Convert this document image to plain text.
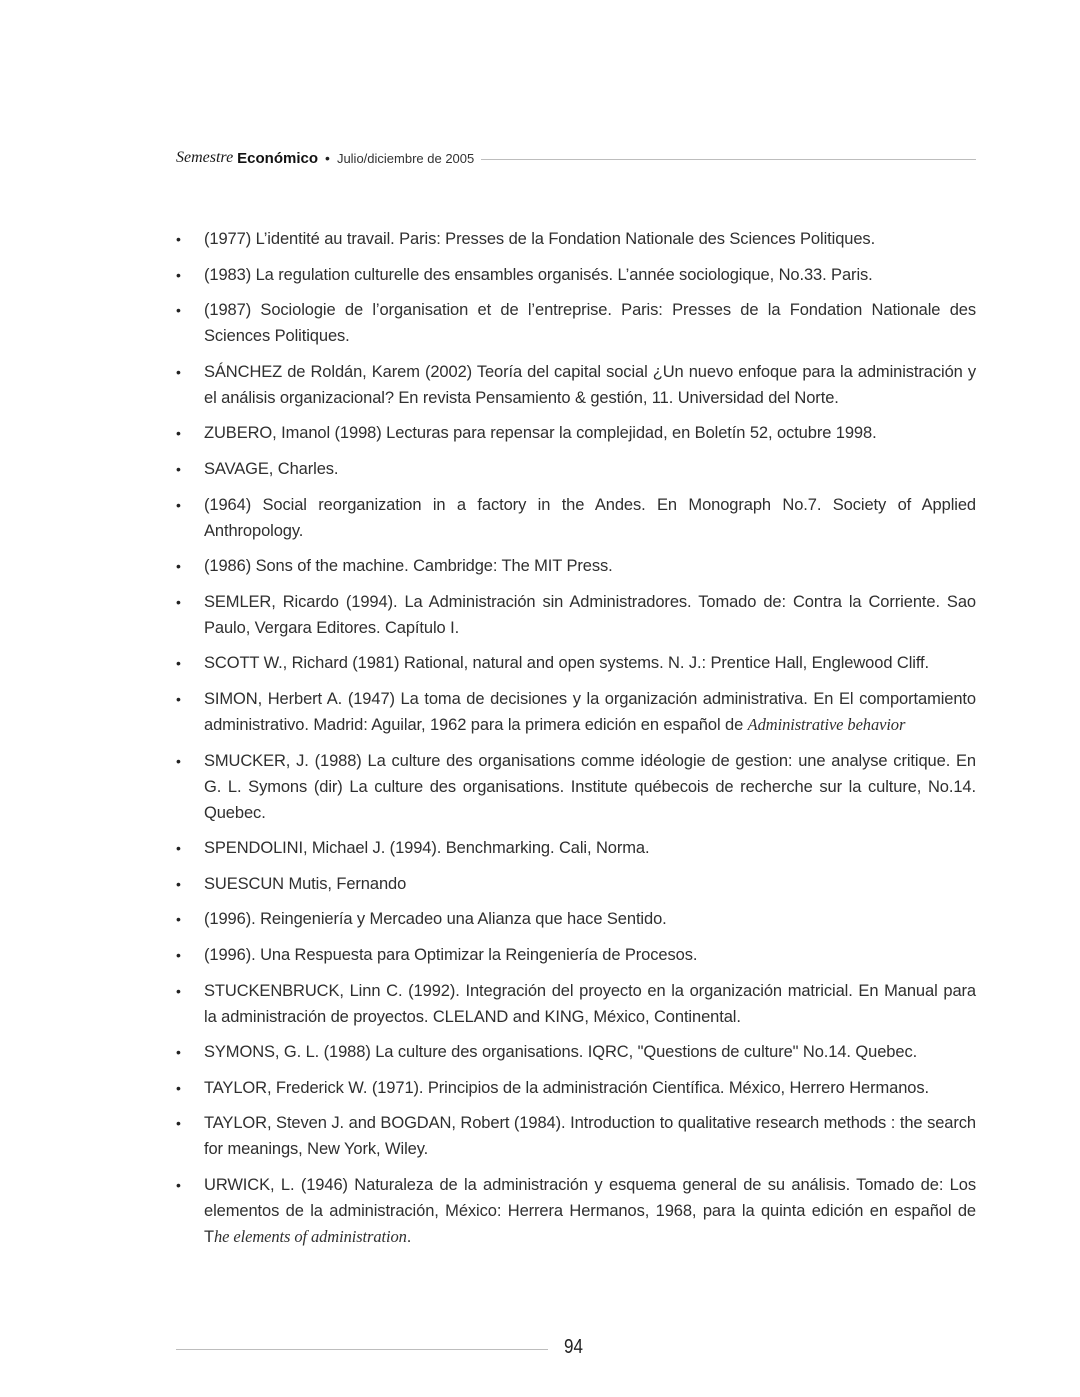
Semestre Económico • Julio/diciembre de 2005
•	(1977) L’identité au travail. Paris: Presses de la Fondation Nationale des Sciences Politiques.
•	(1983) La regulation culturelle des ensambles organisés. L’année sociologique, No.33. Paris.
•	(1987) Sociologie de l’organisation et de l’entreprise. Paris: Presses de la Fondation Nationale des Sciences Politiques.
•	SÁNCHEZ de Roldán, Karem (2002) Teoría del capital social ¿Un nuevo enfoque para la administración y el análisis organizacional? En revista Pensamiento & gestión, 11. Universidad del Norte.
•	ZUBERO, Imanol (1998) Lecturas para repensar la complejidad, en Boletín 52, octubre 1998.
•	SAVAGE, Charles.
•	(1964) Social reorganization in a factory in the Andes. En Monograph No.7. Society of Applied Anthropology.
•	(1986) Sons of the machine. Cambridge: The MIT Press.
•	SEMLER, Ricardo (1994). La Administración sin Administradores. Tomado de: Contra la Corriente. Sao Paulo, Vergara Editores. Capítulo I.
•	SCOTT W., Richard (1981) Rational, natural and open systems. N. J.: Prentice Hall, Englewood Cliff.
•	SIMON, Herbert A. (1947) La toma de decisiones y la organización administrativa. En El comportamiento administrativo. Madrid: Aguilar, 1962 para la primera edición en español de Administrative behavior
•	SMUCKER, J. (1988) La culture des organisations comme idéologie de gestion: une analyse critique. En G. L. Symons (dir) La culture des organisations. Institute québecois de recherche sur la culture, No.14. Quebec.
•	SPENDOLINI, Michael J. (1994). Benchmarking. Cali, Norma.
•	SUESCUN Mutis, Fernando
•	(1996). Reingeniería y Mercadeo una Alianza que hace Sentido.
•	(1996). Una Respuesta para Optimizar la Reingeniería de Procesos.
•	STUCKENBRUCK, Linn C. (1992). Integración del proyecto en la organización matricial. En Manual para la administración de proyectos. CLELAND and KING, México, Continental.
•	SYMONS, G. L. (1988) La culture des organisations. IQRC, "Questions de culture" No.14. Quebec.
•	TAYLOR, Frederick W. (1971). Principios de la administración Científica. México, Herrero Hermanos.
•	TAYLOR, Steven J. and BOGDAN, Robert (1984). Introduction to qualitative research methods : the search for meanings, New York, Wiley.
•	URWICK, L. (1946) Naturaleza de la administración y esquema general de su análisis. Tomado de: Los elementos de la administración, México: Herrera Hermanos, 1968, para la quinta edición en español de The elements of administration.
94
